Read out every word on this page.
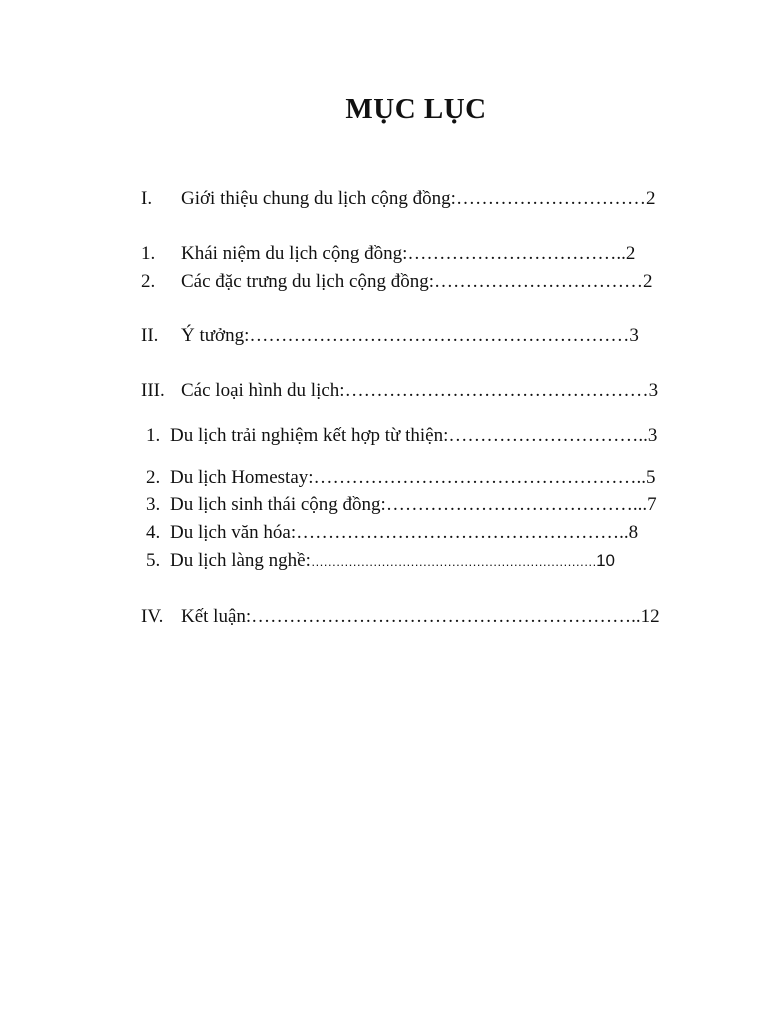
MỤC LỤC
I. Giới thiệu chung du lịch cộng đồng:…………………………2
1. Khái niệm du lịch cộng đồng:……………………………..2
2. Các đặc trưng du lịch cộng đồng:……………………………2
II. Ý tưởng:……………………………………………………3
III. Các loại hình du lịch:…………………………………………3
1. Du lịch trải nghiệm kết hợp từ thiện:…………………………..3
2. Du lịch Homestay:……………………………………………..5
3. Du lịch sinh thái cộng đồng:…………………………………...7
4. Du lịch văn hóa:……………………………………………..8
5. Du lịch làng nghề:……………………………………………………………10
IV. Kết luận:……………………………………………………..12
